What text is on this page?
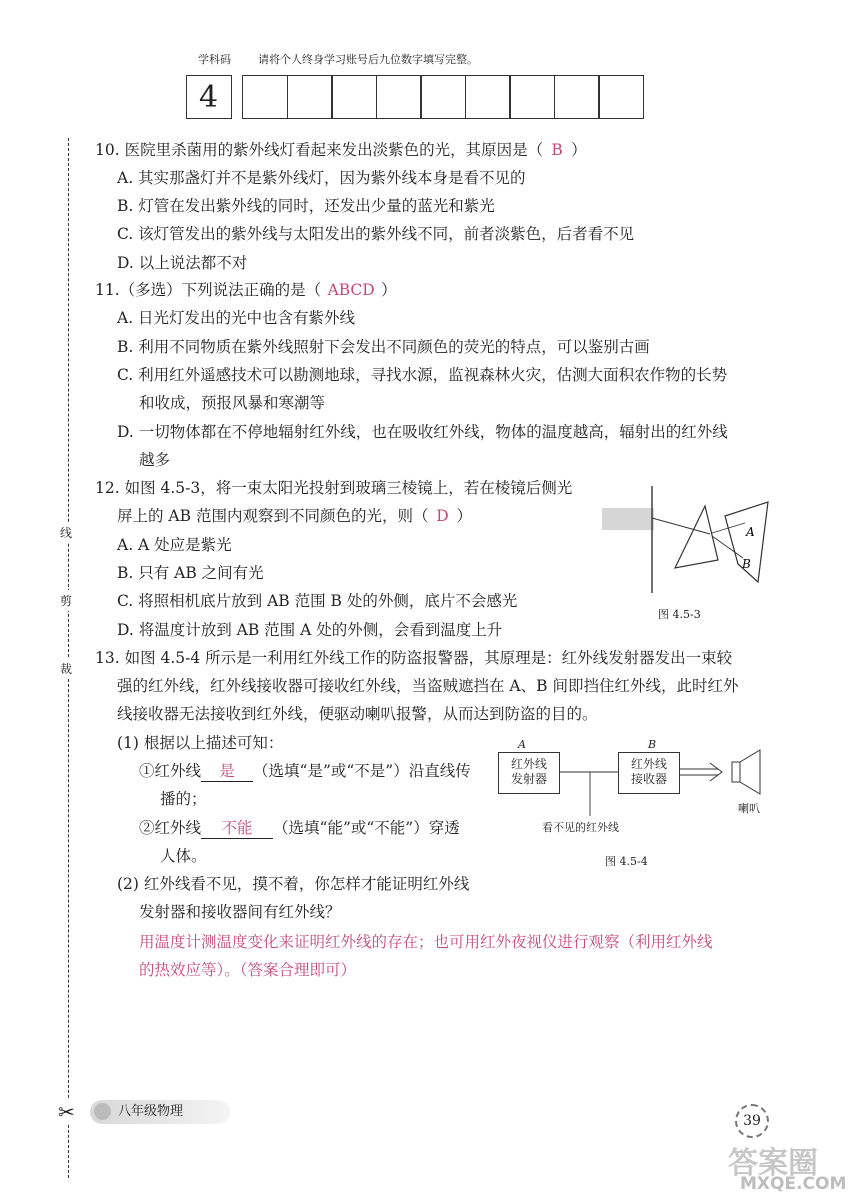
学科码 请将个人终身学习账号后九位数字填写完整。
4
线
剪
裁
✂
10. 医院里杀菌用的紫外线灯看起来发出淡紫色的光，其原因是（ B ）
A. 其实那盏灯并不是紫外线灯，因为紫外线本身是看不见的
B. 灯管在发出紫外线的同时，还发出少量的蓝光和紫光
C. 该灯管发出的紫外线与太阳发出的紫外线不同，前者淡紫色，后者看不见
D. 以上说法都不对
11.（多选）下列说法正确的是（ ABCD ）
A. 日光灯发出的光中也含有紫外线
B. 利用不同物质在紫外线照射下会发出不同颜色的荧光的特点，可以鉴别古画
C. 利用红外遥感技术可以勘测地球，寻找水源，监视森林火灾，估测大面积农作物的长势
和收成，预报风暴和寒潮等
D. 一切物体都在不停地辐射红外线，也在吸收红外线，物体的温度越高，辐射出的红外线
越多
12. 如图 4.5-3，将一束太阳光投射到玻璃三棱镜上，若在棱镜后侧光
屏上的 AB 范围内观察到不同颜色的光，则（ D ）
A. A 处应是紫光
B. 只有 AB 之间有光
C. 将照相机底片放到 AB 范围 B 处的外侧，底片不会感光
D. 将温度计放到 AB 范围 A 处的外侧，会看到温度上升
A
B
图 4.5-3
13. 如图 4.5-4 所示是一利用红外线工作的防盗报警器，其原理是：红外线发射器发出一束较
强的红外线，红外线接收器可接收红外线，当盗贼遮挡在 A、B 间即挡住红外线，此时红外
线接收器无法接收到红外线，便驱动喇叭报警，从而达到防盗的目的。
(1) 根据以上描述可知：
①红外线 是 （选填“是”或“不是”）沿直线传
播的；
②红外线 不能 （选填“能”或“不能”）穿透
人体。
(2) 红外线看不见，摸不着，你怎样才能证明红外线
发射器和接收器间有红外线？
用温度计测温度变化来证明红外线的存在；也可用红外夜视仪进行观察（利用红外线
的热效应等）。（答案合理即可）
A	B
红外线发射器
红外线接收器
喇叭
看不见的红外线
图 4.5-4
八年级物理
39
答案圈
MXQE.COM
